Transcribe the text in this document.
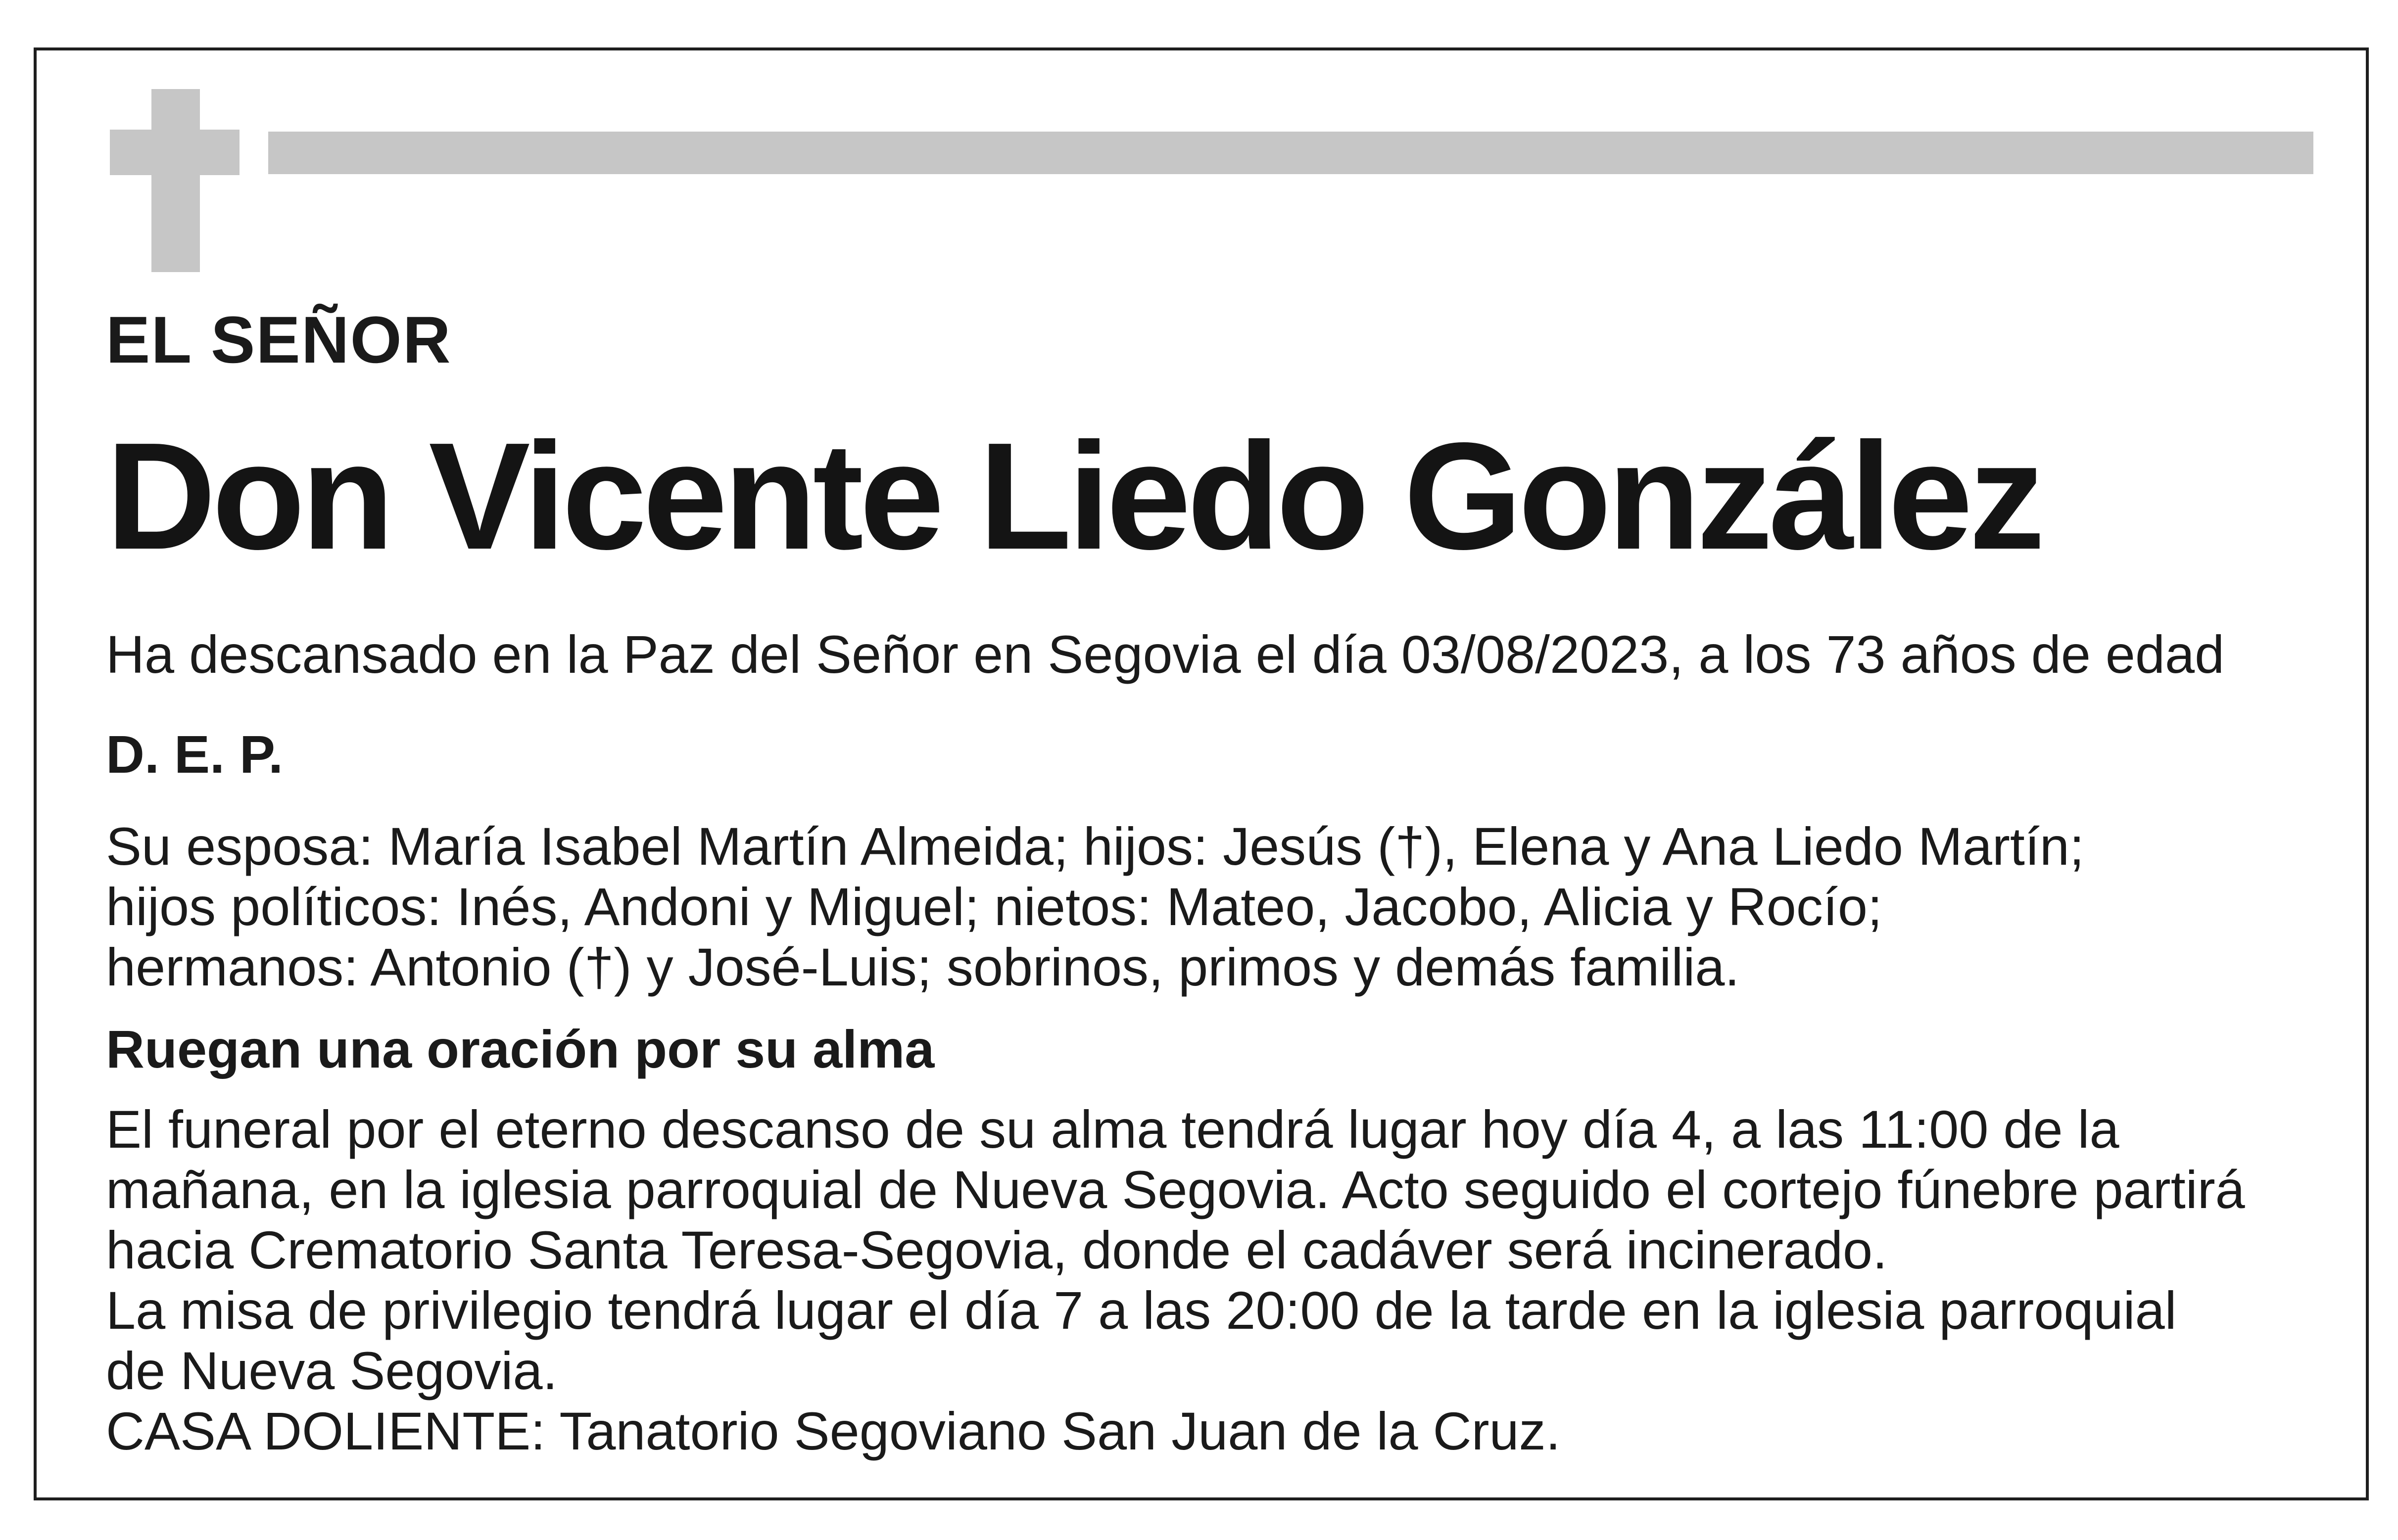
EL SEÑOR
Don Vicente Liedo González
Ha descansado en la Paz del Señor en Segovia el día 03/08/2023, a los 73 años de edad
D. E. P.
Su esposa: María Isabel Martín Almeida; hijos: Jesús (†), Elena y Ana Liedo Martín;
hijos políticos: Inés, Andoni y Miguel; nietos: Mateo, Jacobo, Alicia y Rocío;
hermanos: Antonio (†) y José-Luis; sobrinos, primos y demás familia.
Ruegan una oración por su alma
El funeral por el eterno descanso de su alma tendrá lugar hoy día 4, a las 11:00 de la
mañana, en la iglesia parroquial de Nueva Segovia. Acto seguido el cortejo fúnebre partirá
hacia Crematorio Santa Teresa-Segovia, donde el cadáver será incinerado.
La misa de privilegio tendrá lugar el día 7 a las 20:00 de la tarde en la iglesia parroquial
de Nueva Segovia.
CASA DOLIENTE: Tanatorio Segoviano San Juan de la Cruz.
